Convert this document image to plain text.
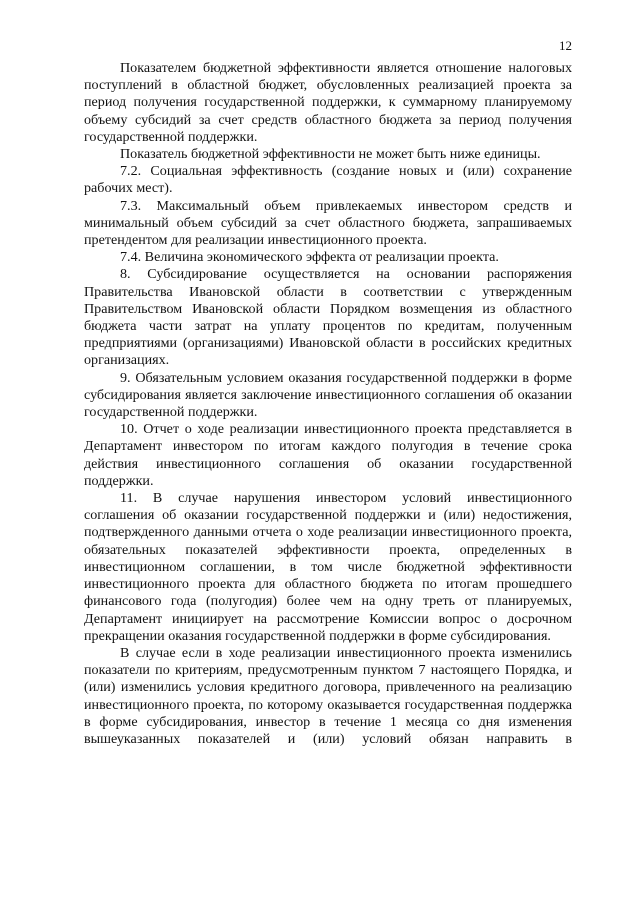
12

Показателем бюджетной эффективности является отношение налоговых поступлений в областной бюджет, обусловленных реализацией проекта за период получения государственной поддержки, к суммарному планируемому объему субсидий за счет средств областного бюджета за период получения государственной поддержки.

Показатель бюджетной эффективности не может быть ниже единицы.

7.2. Социальная эффективность (создание новых и (или) сохранение рабочих мест).

7.3. Максимальный объем привлекаемых инвестором средств и минимальный объем субсидий за счет областного бюджета, запрашиваемых претендентом для реализации инвестиционного проекта.

7.4. Величина экономического эффекта от реализации проекта.

8. Субсидирование осуществляется на основании распоряжения Правительства Ивановской области в соответствии с утвержденным Правительством Ивановской области Порядком возмещения из областного бюджета части затрат на уплату процентов по кредитам, полученным предприятиями (организациями) Ивановской области в российских кредитных организациях.

9. Обязательным условием оказания государственной поддержки в форме субсидирования является заключение инвестиционного соглашения об оказании государственной поддержки.

10. Отчет о ходе реализации инвестиционного проекта представляется в Департамент инвестором по итогам каждого полугодия в течение срока действия инвестиционного соглашения об оказании государственной поддержки.

11. В случае нарушения инвестором условий инвестиционного соглашения об оказании государственной поддержки и (или) недостижения, подтвержденного данными отчета о ходе реализации инвестиционного проекта, обязательных показателей эффективности проекта, определенных в инвестиционном соглашении, в том числе бюджетной эффективности инвестиционного проекта для областного бюджета по итогам прошедшего финансового года (полугодия) более чем на одну треть от планируемых, Департамент инициирует на рассмотрение Комиссии вопрос о досрочном прекращении оказания государственной поддержки в форме субсидирования.

В случае если в ходе реализации инвестиционного проекта изменились показатели по критериям, предусмотренным пунктом 7 настоящего Порядка, и (или) изменились условия кредитного договора, привлеченного на реализацию инвестиционного проекта, по которому оказывается государственная поддержка в форме субсидирования, инвестор в течение 1 месяца со дня изменения вышеуказанных показателей и (или) условий обязан направить в
